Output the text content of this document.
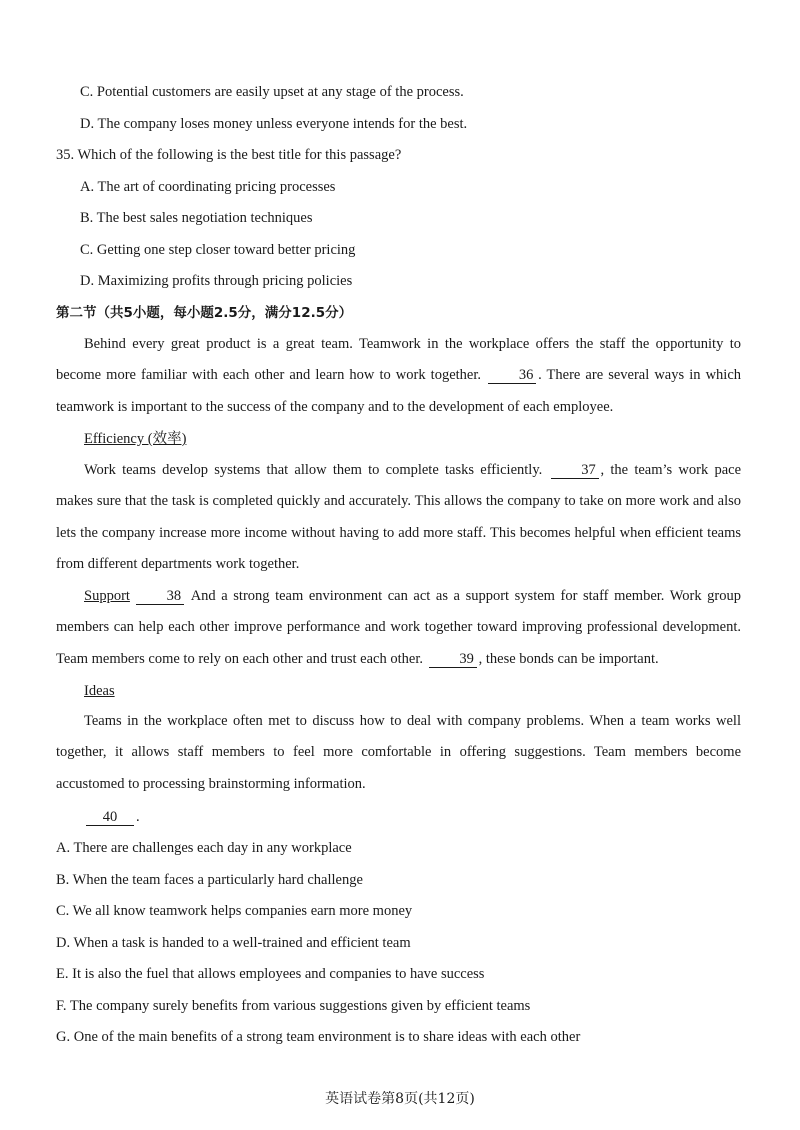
C. Potential customers are easily upset at any stage of the process.
D. The company loses money unless everyone intends for the best.
35. Which of the following is the best title for this passage?
A. The art of coordinating pricing processes
B. The best sales negotiation techniques
C. Getting one step closer toward better pricing
D. Maximizing profits through pricing policies
第二节（共5小题，每小题2.5分，满分12.5分）
Behind every great product is a great team. Teamwork in the workplace offers the staff the opportunity to become more familiar with each other and learn how to work together.	36 . There are several ways in which teamwork is important to the success of the company and to the development of each employee.
Efficiency (效率)
Work teams develop systems that allow them to complete tasks efficiently.	37 , the team’s work pace makes sure that the task is completed quickly and accurately. This allows the company to take on more work and also lets the company increase more income without having to add more staff. This becomes helpful when efficient teams from different departments work together.
Support	38 And a strong team environment can act as a support system for staff member. Work group members can help each other improve performance and work together toward improving professional development. Team members come to rely on each other and trust each other.	39 , these bonds can be important.
Ideas
Teams in the workplace often met to discuss how to deal with company problems. When a team works well together, it allows staff members to feel more comfortable in offering suggestions. Team members become accustomed to processing brainstorming information.
40 .
A. There are challenges each day in any workplace
B. When the team faces a particularly hard challenge
C. We all know teamwork helps companies earn more money
D. When a task is handed to a well-trained and efficient team
E. It is also the fuel that allows employees and companies to have success
F. The company surely benefits from various suggestions given by efficient teams
G. One of the main benefits of a strong team environment is to share ideas with each other
英语试卷第8页(共12页)
